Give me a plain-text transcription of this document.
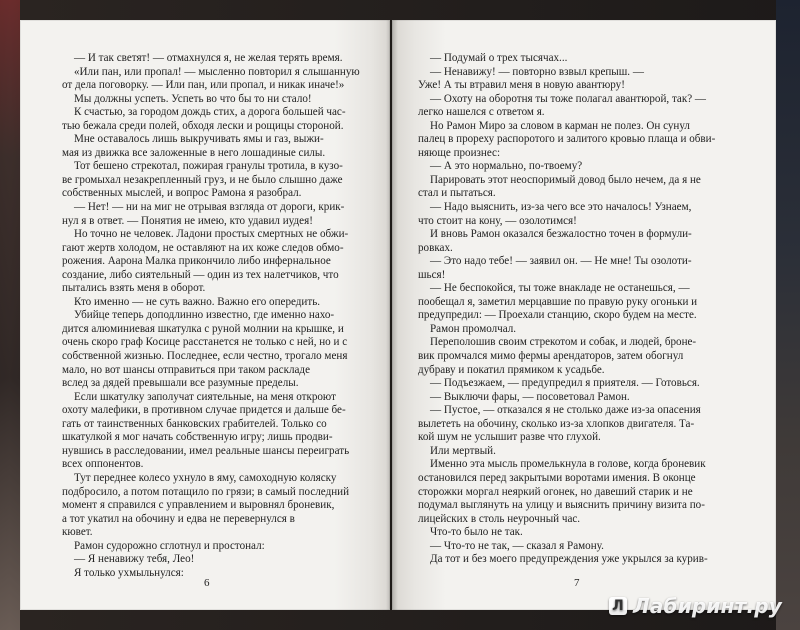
— И так светят! — отмахнулся я, не желая терять время.
«Или пан, или пропал! — мысленно повторил я слышанную
от дела поговорку. — Или пан, или пропал, и никак иначе!»
Мы должны успеть. Успеть во что бы то ни стало!
К счастью, за городом дождь стих, а дорога большей час-
тью бежала среди полей, обходя лески и рощицы стороной.
Мне оставалось лишь выкручивать ямы и газ, выжи-
мая из движка все заложенные в него лошадиные силы.
Тот бешено стрекотал, пожирая гранулы тротила, в кузо-
ве громыхал незакрепленный груз, и не было слышно даже
собственных мыслей, и вопрос Рамона я разобрал.
— Нет! — ни на миг не отрывая взгляда от дороги, крик-
нул я в ответ. — Понятия не имею, кто удавил иудея!
Но точно не человек. Ладони простых смертных не обжи-
гают жертв холодом, не оставляют на их коже следов обмо-
рожения. Аарона Малка прикончило либо инфернальное
создание, либо сиятельный — один из тех налетчиков, что
пытались взять меня в оборот.
Кто именно — не суть важно. Важно его опередить.
Убийце теперь доподлинно известно, где именно нахо-
дится алюминиевая шкатулка с руной молнии на крышке, и
очень скоро граф Косице расстанется не только с ней, но и с
собственной жизнью. Последнее, если честно, трогало меня
мало, но вот шансы отправиться при таком раскладе
вслед за дядей превышали все разумные пределы.
Если шкатулку заполучат сиятельные, на меня откроют
охоту малефики, в противном случае придется и дальше бе-
гать от таинственных банковских грабителей. Только со
шкатулкой я мог начать собственную игру; лишь продви-
нувшись в расследовании, имел реальные шансы переиграть
всех оппонентов.
Тут переднее колесо ухнуло в яму, самоходную коляску
подбросило, а потом потащило по грязи; в самый последний
момент я справился с управлением и выровнял броневик,
а тот укатил на обочину и едва не перевернулся в
кювет.
Рамон судорожно сглотнул и простонал:
— Я ненавижу тебя, Лео!
Я только ухмыльнулся:
6
— Подумай о трех тысячах...
— Ненавижу! — повторно взвыл крепыш. —
Уже! А ты втравил меня в новую авантюру!
— Охоту на оборотня ты тоже полагал авантюрой, так? —
легко нашелся с ответом я.
Но Рамон Миро за словом в карман не полез. Он сунул
палец в прореху распоротого и залитого кровью плаща и обви-
няюще произнес:
— А это нормально, по-твоему?
Парировать этот неоспоримый довод было нечем, да я не
стал и пытаться.
— Надо выяснить, из-за чего все это началось! Узнаем,
что стоит на кону, — озолотимся!
И вновь Рамон оказался безжалостно точен в формули-
ровках.
— Это надо тебе! — заявил он. — Не мне! Ты озолоти-
шься!
— Не беспокойся, ты тоже внакладе не останешься, —
пообещал я, заметил мерцавшие по правую руку огоньки и
предупредил: — Проехали станцию, скоро будем на месте.
Рамон промолчал.
Переполошив своим стрекотом и собак, и людей, броне-
вик промчался мимо фермы арендаторов, затем обогнул
дубраву и покатил прямиком к усадьбе.
— Подъезжаем, — предупредил я приятеля. — Готовься.
— Выключи фары, — посоветовал Рамон.
— Пустое, — отказался я не столько даже из-за опасения
вылететь на обочину, сколько из-за хлопков двигателя. Та-
кой шум не услышит разве что глухой.
Или мертвый.
Именно эта мысль промелькнула в голове, когда броневик
остановился перед закрытыми воротами имения. В оконце
сторожки моргал неяркий огонек, но давеший старик и не
подумал выглянуть на улицу и выяснить причину визита по-
лицейских в столь неурочный час.
Что-то было не так.
— Что-то не так, — сказал я Рамону.
Да тот и без моего предупреждения уже укрылся за курив-
7
Л Лабиринт.ру
